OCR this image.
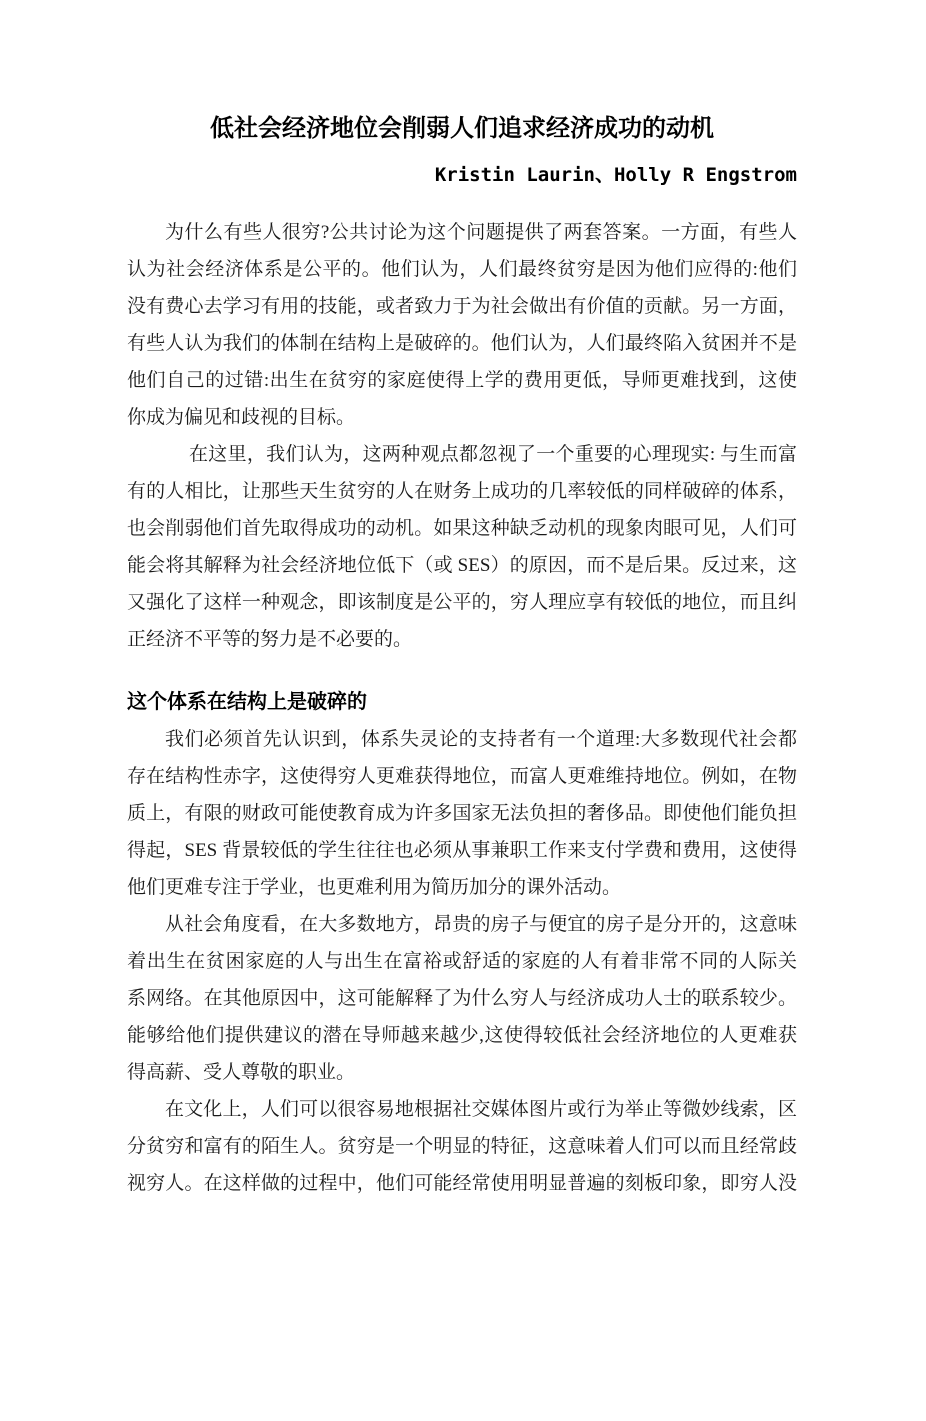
低社会经济地位会削弱人们追求经济成功的动机
Kristin Laurin、Holly R Engstrom
为什么有些人很穷?公共讨论为这个问题提供了两套答案。一方面，有些人
认为社会经济体系是公平的。他们认为，人们最终贫穷是因为他们应得的:他们
没有费心去学习有用的技能，或者致力于为社会做出有价值的贡献。另一方面，
有些人认为我们的体制在结构上是破碎的。他们认为，人们最终陷入贫困并不是
他们自己的过错:出生在贫穷的家庭使得上学的费用更低，导师更难找到，这使
你成为偏见和歧视的目标。
在这里，我们认为，这两种观点都忽视了一个重要的心理现实: 与生而富
有的人相比，让那些天生贫穷的人在财务上成功的几率较低的同样破碎的体系，
也会削弱他们首先取得成功的动机。如果这种缺乏动机的现象肉眼可见，人们可
能会将其解释为社会经济地位低下（或 SES）的原因，而不是后果。反过来，这
又强化了这样一种观念，即该制度是公平的，穷人理应享有较低的地位，而且纠
正经济不平等的努力是不必要的。
这个体系在结构上是破碎的
我们必须首先认识到，体系失灵论的支持者有一个道理:大多数现代社会都
存在结构性赤字，这使得穷人更难获得地位，而富人更难维持地位。例如，在物
质上，有限的财政可能使教育成为许多国家无法负担的奢侈品。即使他们能负担
得起，SES 背景较低的学生往往也必须从事兼职工作来支付学费和费用，这使得
他们更难专注于学业，也更难利用为简历加分的课外活动。
从社会角度看，在大多数地方，昂贵的房子与便宜的房子是分开的，这意味
着出生在贫困家庭的人与出生在富裕或舒适的家庭的人有着非常不同的人际关
系网络。在其他原因中，这可能解释了为什么穷人与经济成功人士的联系较少。
能够给他们提供建议的潜在导师越来越少,这使得较低社会经济地位的人更难获
得高薪、受人尊敬的职业。
在文化上，人们可以很容易地根据社交媒体图片或行为举止等微妙线索，区
分贫穷和富有的陌生人。贫穷是一个明显的特征，这意味着人们可以而且经常歧
视穷人。在这样做的过程中，他们可能经常使用明显普遍的刻板印象，即穷人没
